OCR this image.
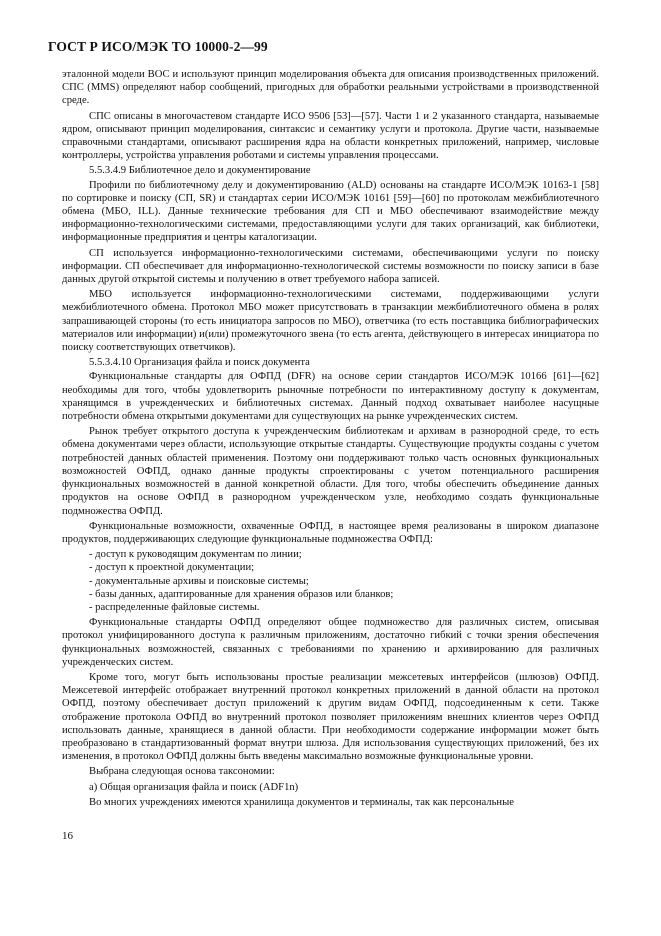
ГОСТ Р ИСО/МЭК ТО 10000-2—99

эталонной модели ВОС и используют принцип моделирования объекта для описания производственных приложений. СПС (MMS) определяют набор сообщений, пригодных для обработки реальными устройствами в производственной среде.

СПС описаны в многочастевом стандарте ИСО 9506 [53]—[57]. Части 1 и 2 указанного стандарта, называемые ядром, описывают принцип моделирования, синтаксис и семантику услуги и протокола. Другие части, называемые справочными стандартами, описывают расширения ядра на области конкретных приложений, например, числовые контроллеры, устройства управления роботами и системы управления процессами.

5.5.3.4.9 Библиотечное дело и документирование

Профили по библиотечному делу и документированию (ALD) основаны на стандарте ИСО/МЭК 10163-1 [58] по сортировке и поиску (СП, SR) и стандартах серии ИСО/МЭК 10161 [59]—[60] по протоколам межбиблиотечного обмена (МБО, ILL). Данные технические требования для СП и МБО обеспечивают взаимодействие между информационно-технологическими системами, предоставляющими услуги для таких организаций, как библиотеки, информационные предприятия и центры каталогизации.

СП используется информационно-технологическими системами, обеспечивающими услуги по поиску информации. СП обеспечивает для информационно-технологической системы возможности по поиску записи в базе данных другой открытой системы и получению в ответ требуемого набора записей.

МБО используется информационно-технологическими системами, поддерживающими услуги межбиблиотечного обмена. Протокол МБО может присутствовать в транзакции межбиблиотечного обмена в ролях запрашивающей стороны (то есть инициатора запросов по МБО), ответчика (то есть поставщика библиографических материалов или информации) и(или) промежуточного звена (то есть агента, действующего в интересах инициатора по поиску соответствующих ответчиков).

5.5.3.4.10 Организация файла и поиск документа

Функциональные стандарты для ОФПД (DFR) на основе серии стандартов ИСО/МЭК 10166 [61]—[62] необходимы для того, чтобы удовлетворить рыночные потребности по интерактивному доступу к документам, хранящимся в учрежденческих и библиотечных системах. Данный подход охватывает наиболее насущные потребности обмена открытыми документами для существующих на рынке учрежденческих систем.

Рынок требует открытого доступа к учрежденческим библиотекам и архивам в разнородной среде, то есть обмена документами через области, использующие открытые стандарты. Существующие продукты созданы с учетом потребностей данных областей применения. Поэтому они поддерживают только часть основных функциональных возможностей ОФПД, однако данные продукты спроектированы с учетом потенциального расширения функциональных возможностей в данной конкретной области. Для того, чтобы обеспечить объединение данных продуктов на основе ОФПД в разнородном учрежденческом узле, необходимо создать функциональные подмножества ОФПД.

Функциональные возможности, охваченные ОФПД, в настоящее время реализованы в широком диапазоне продуктов, поддерживающих следующие функциональные подмножества ОФПД:

- доступ к руководящим документам по линии;
- доступ к проектной документации;
- документальные архивы и поисковые системы;
- базы данных, адаптированные для хранения образов или бланков;
- распределенные файловые системы.

Функциональные стандарты ОФПД определяют общее подмножество для различных систем, описывая протокол унифицированного доступа к различным приложениям, достаточно гибкий с точки зрения обеспечения функциональных возможностей, связанных с требованиями по хранению и архивированию для различных учрежденческих систем.

Кроме того, могут быть использованы простые реализации межсетевых интерфейсов (шлюзов) ОФПД. Межсетевой интерфейс отображает внутренний протокол конкретных приложений в данной области на протокол ОФПД, поэтому обеспечивает доступ приложений к другим видам ОФПД, подсоединенным к сети. Также отображение протокола ОФПД во внутренний протокол позволяет приложениям внешних клиентов через ОФПД использовать данные, хранящиеся в данной области. При необходимости содержание информации может быть преобразовано в стандартизованный формат внутри шлюза. Для использования существующих приложений, без их изменения, в протокол ОФПД должны быть введены максимально возможные функциональные уровни.

Выбрана следующая основа таксономии:

а) Общая организация файла и поиск (ADF1n)

Во многих учреждениях имеются хранилища документов и терминалы, так как персональные

16
